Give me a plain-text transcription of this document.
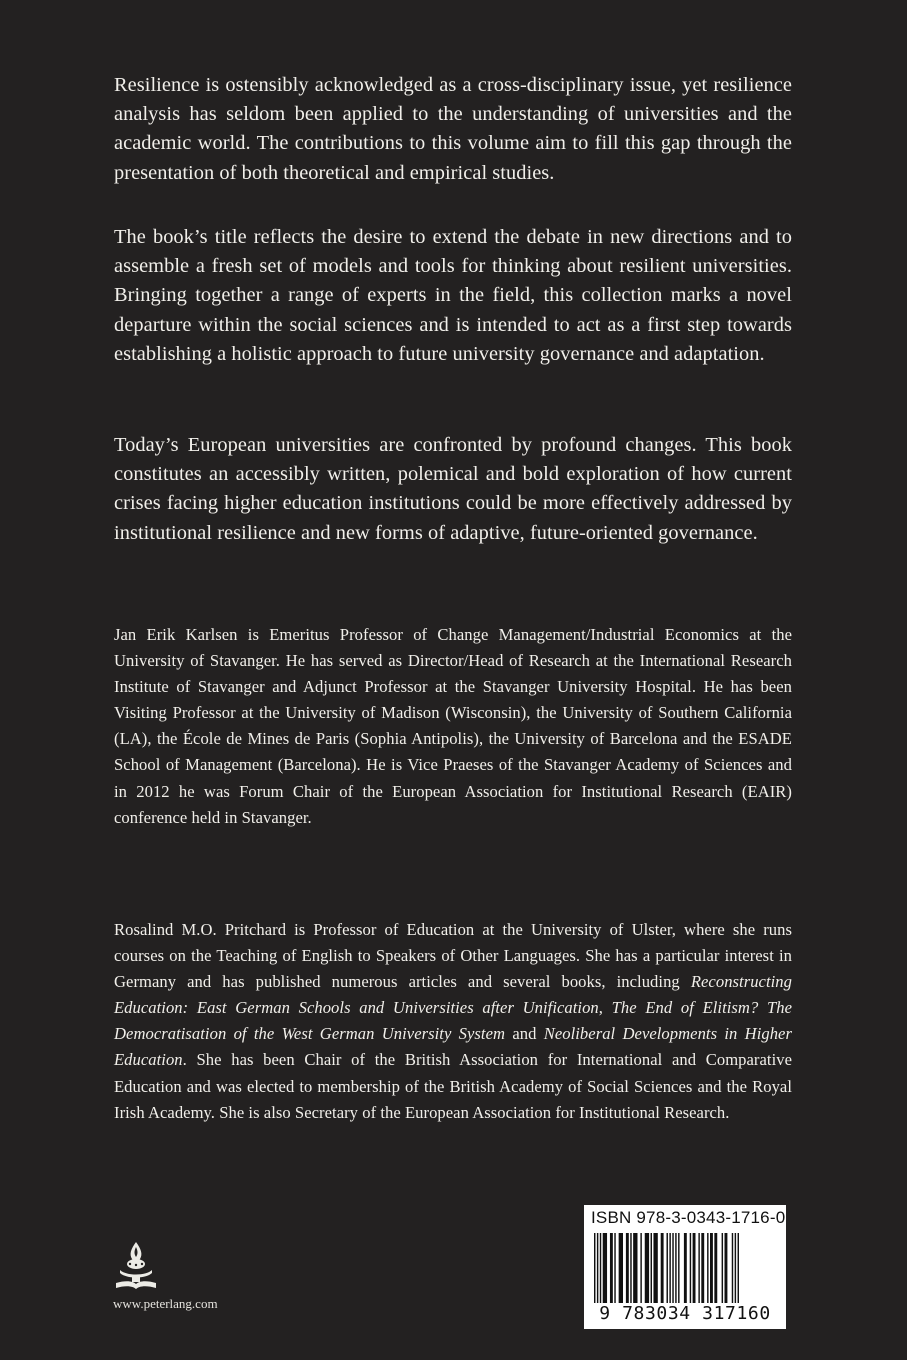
Resilience is ostensibly acknowledged as a cross-disciplinary issue, yet resilience analysis has seldom been applied to the understanding of universities and the academic world. The contributions to this volume aim to fill this gap through the presentation of both theoretical and empirical studies.

The book’s title reflects the desire to extend the debate in new directions and to assemble a fresh set of models and tools for thinking about resilient universities. Bringing together a range of experts in the field, this collection marks a novel departure within the social sciences and is intended to act as a first step towards establishing a holistic approach to future university governance and adaptation.

Today’s European universities are confronted by profound changes. This book constitutes an accessibly written, polemical and bold exploration of how current crises facing higher education institutions could be more effectively addressed by institutional resilience and new forms of adaptive, future-oriented governance.

Jan Erik Karlsen is Emeritus Professor of Change Management/Industrial Economics at the University of Stavanger. He has served as Director/Head of Research at the International Research Institute of Stavanger and Adjunct Professor at the Stavanger University Hospital. He has been Visiting Professor at the University of Madison (Wisconsin), the University of Southern California (LA), the École de Mines de Paris (Sophia Antipolis), the University of Barcelona and the ESADE School of Management (Barcelona). He is Vice Praeses of the Stavanger Academy of Sciences and in 2012 he was Forum Chair of the European Association for Institutional Research (EAIR) conference held in Stavanger.

Rosalind M.O. Pritchard is Professor of Education at the University of Ulster, where she runs courses on the Teaching of English to Speakers of Other Languages. She has a particular interest in Germany and has published numerous articles and several books, including Reconstructing Education: East German Schools and Universities after Unification, The End of Elitism? The Democratisation of the West German University System and Neoliberal Developments in Higher Education. She has been Chair of the British Association for International and Comparative Education and was elected to membership of the British Academy of Social Sciences and the Royal Irish Academy. She is also Secretary of the European Association for Institutional Research.

www.peterlang.com
ISBN 978-3-0343-1716-0
9 783034 317160
